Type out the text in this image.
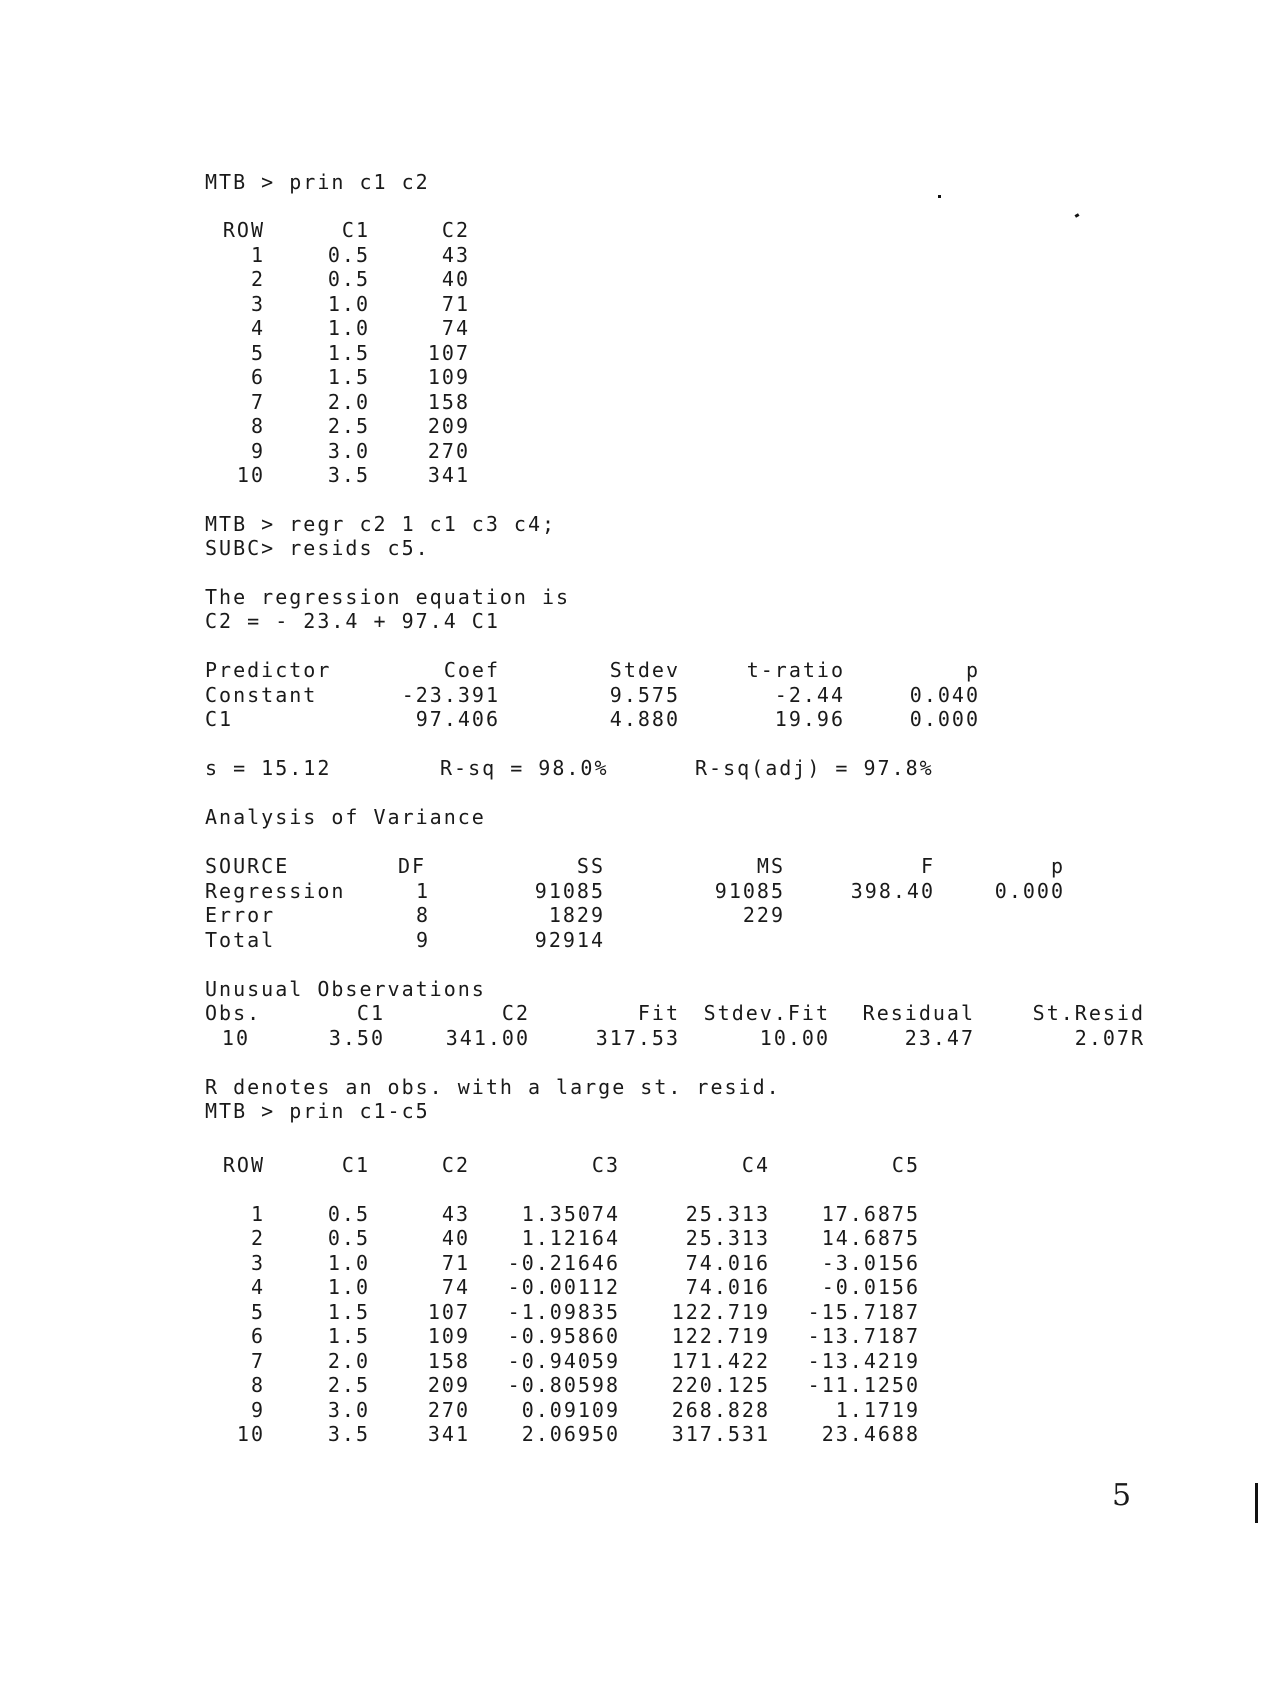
MTB > prin c1 c2
ROW	C1	C2
1	0.5	43
2	0.5	40
3	1.0	71
4	1.0	74
5	1.5	107
6	1.5	109
7	2.0	158
8	2.5	209
9	3.0	270
10	3.5	341
MTB > regr c2 1 c1 c3 c4;
SUBC> resids c5.
The regression equation is
C2 = - 23.4 + 97.4 C1
Predictor	Coef	Stdev	t-ratio	p
Constant	-23.391	9.575	-2.44	0.040
C1	97.406	4.880	19.96	0.000
s = 15.12	R-sq = 98.0%	R-sq(adj) = 97.8%
Analysis of Variance
SOURCE	DF	SS	MS	F	p
Regression	1	91085	91085	398.40	0.000
Error	8	1829	229
Total	9	92914
Unusual Observations
Obs.	C1	C2	Fit	Stdev.Fit	Residual	St.Resid
10	3.50	341.00	317.53	10.00	23.47	2.07R
R denotes an obs. with a large st. resid.
MTB > prin c1-c5
ROW	C1	C2	C3	C4	C5
1	0.5	43	1.35074	25.313	17.6875
2	0.5	40	1.12164	25.313	14.6875
3	1.0	71	-0.21646	74.016	-3.0156
4	1.0	74	-0.00112	74.016	-0.0156
5	1.5	107	-1.09835	122.719	-15.7187
6	1.5	109	-0.95860	122.719	-13.7187
7	2.0	158	-0.94059	171.422	-13.4219
8	2.5	209	-0.80598	220.125	-11.1250
9	3.0	270	0.09109	268.828	1.1719
10	3.5	341	2.06950	317.531	23.4688
5
